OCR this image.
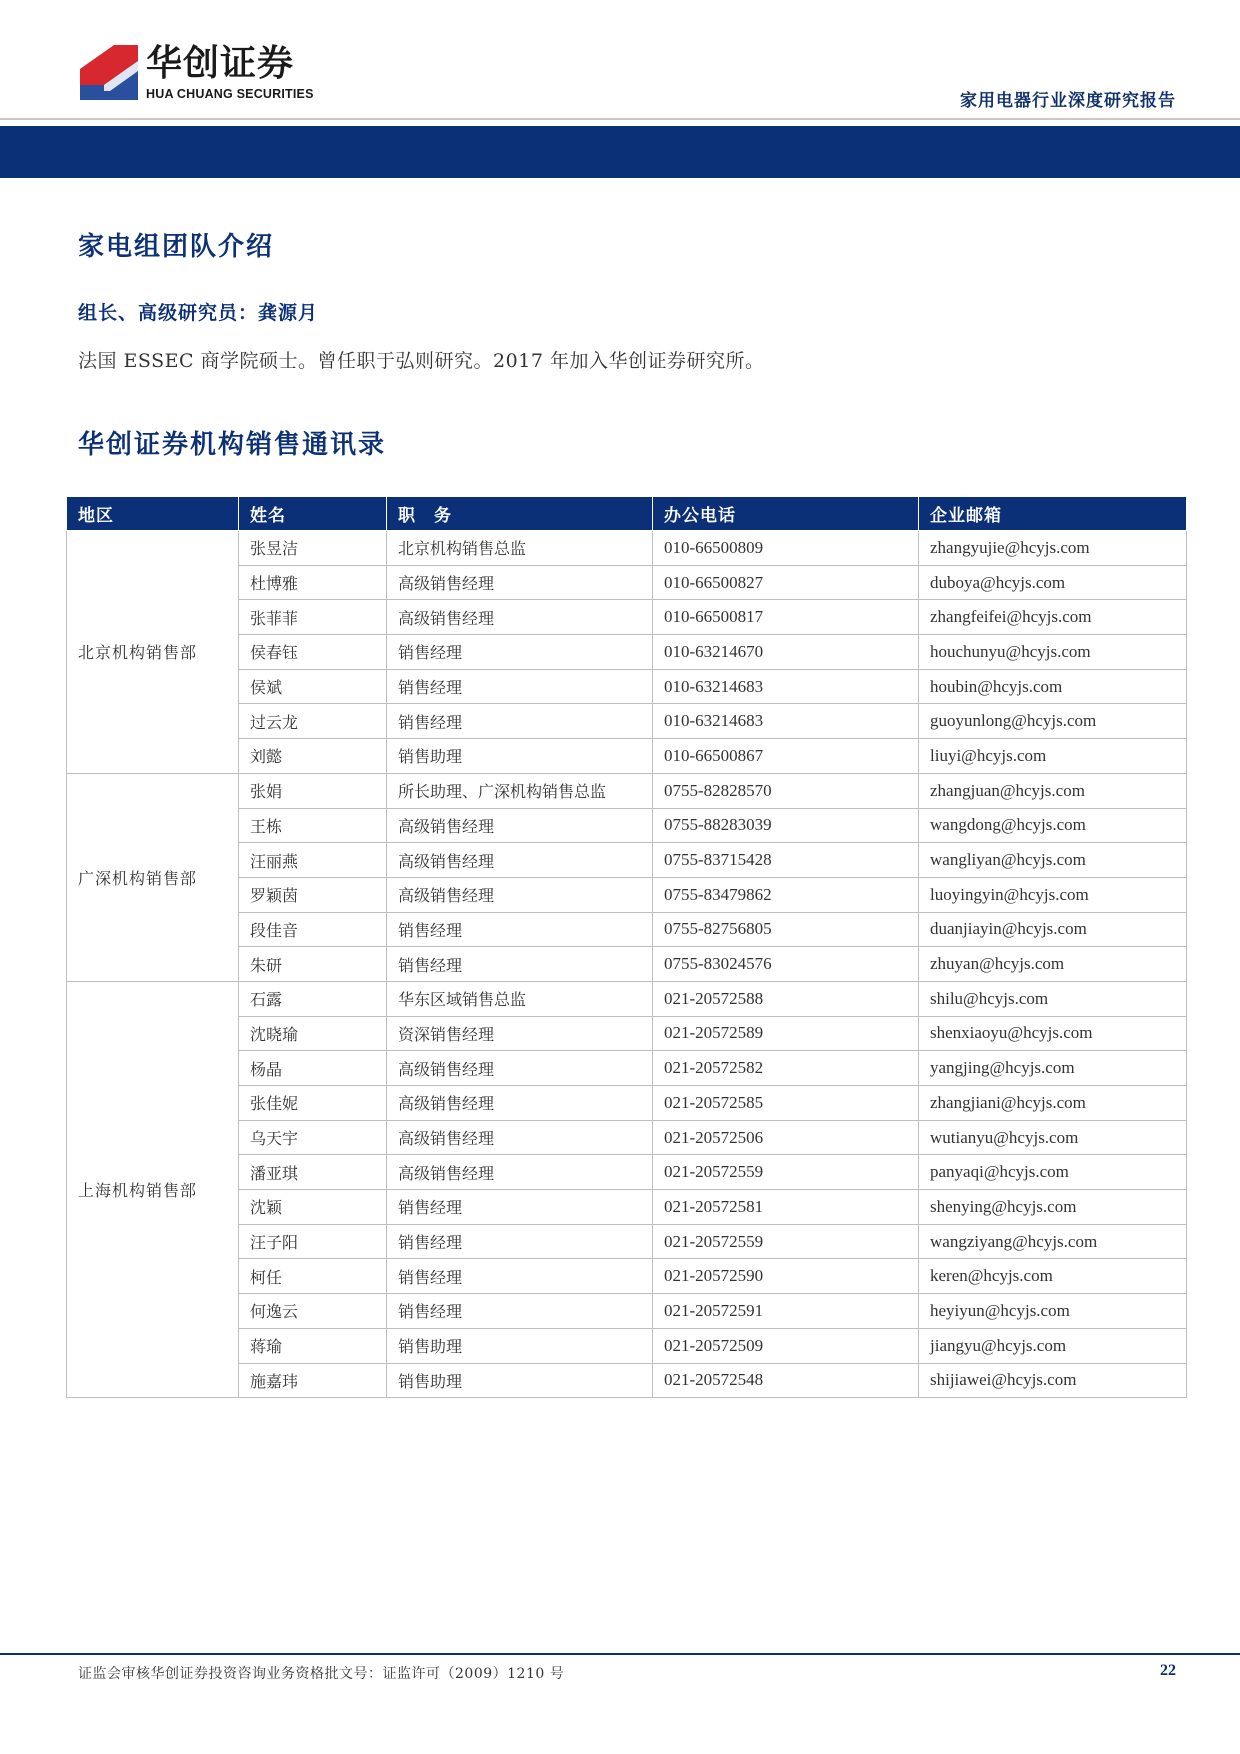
华创证券
HUA CHUANG SECURITIES	家用电器行业深度研究报告
家电组团队介绍
组长、高级研究员：龚源月
法国 ESSEC 商学院硕士。曾任职于弘则研究。2017 年加入华创证券研究所。
华创证券机构销售通讯录
地区	姓名	职　务	办公电话	企业邮箱
北京机构销售部	张昱洁	北京机构销售总监	010-66500809	zhangyujie@hcyjs.com
	杜博雅	高级销售经理	010-66500827	duboya@hcyjs.com
	张菲菲	高级销售经理	010-66500817	zhangfeifei@hcyjs.com
	侯春钰	销售经理	010-63214670	houchunyu@hcyjs.com
	侯斌	销售经理	010-63214683	houbin@hcyjs.com
	过云龙	销售经理	010-63214683	guoyunlong@hcyjs.com
	刘懿	销售助理	010-66500867	liuyi@hcyjs.com
广深机构销售部	张娟	所长助理、广深机构销售总监	0755-82828570	zhangjuan@hcyjs.com
	王栋	高级销售经理	0755-88283039	wangdong@hcyjs.com
	汪丽燕	高级销售经理	0755-83715428	wangliyan@hcyjs.com
	罗颖茵	高级销售经理	0755-83479862	luoyingyin@hcyjs.com
	段佳音	销售经理	0755-82756805	duanjiayin@hcyjs.com
	朱研	销售经理	0755-83024576	zhuyan@hcyjs.com
上海机构销售部	石露	华东区域销售总监	021-20572588	shilu@hcyjs.com
	沈晓瑜	资深销售经理	021-20572589	shenxiaoyu@hcyjs.com
	杨晶	高级销售经理	021-20572582	yangjing@hcyjs.com
	张佳妮	高级销售经理	021-20572585	zhangjiani@hcyjs.com
	乌天宇	高级销售经理	021-20572506	wutianyu@hcyjs.com
	潘亚琪	高级销售经理	021-20572559	panyaqi@hcyjs.com
	沈颖	销售经理	021-20572581	shenying@hcyjs.com
	汪子阳	销售经理	021-20572559	wangziyang@hcyjs.com
	柯任	销售经理	021-20572590	keren@hcyjs.com
	何逸云	销售经理	021-20572591	heyiyun@hcyjs.com
	蒋瑜	销售助理	021-20572509	jiangyu@hcyjs.com
	施嘉玮	销售助理	021-20572548	shijiawei@hcyjs.com
证监会审核华创证券投资咨询业务资格批文号：证监许可（2009）1210 号	22
